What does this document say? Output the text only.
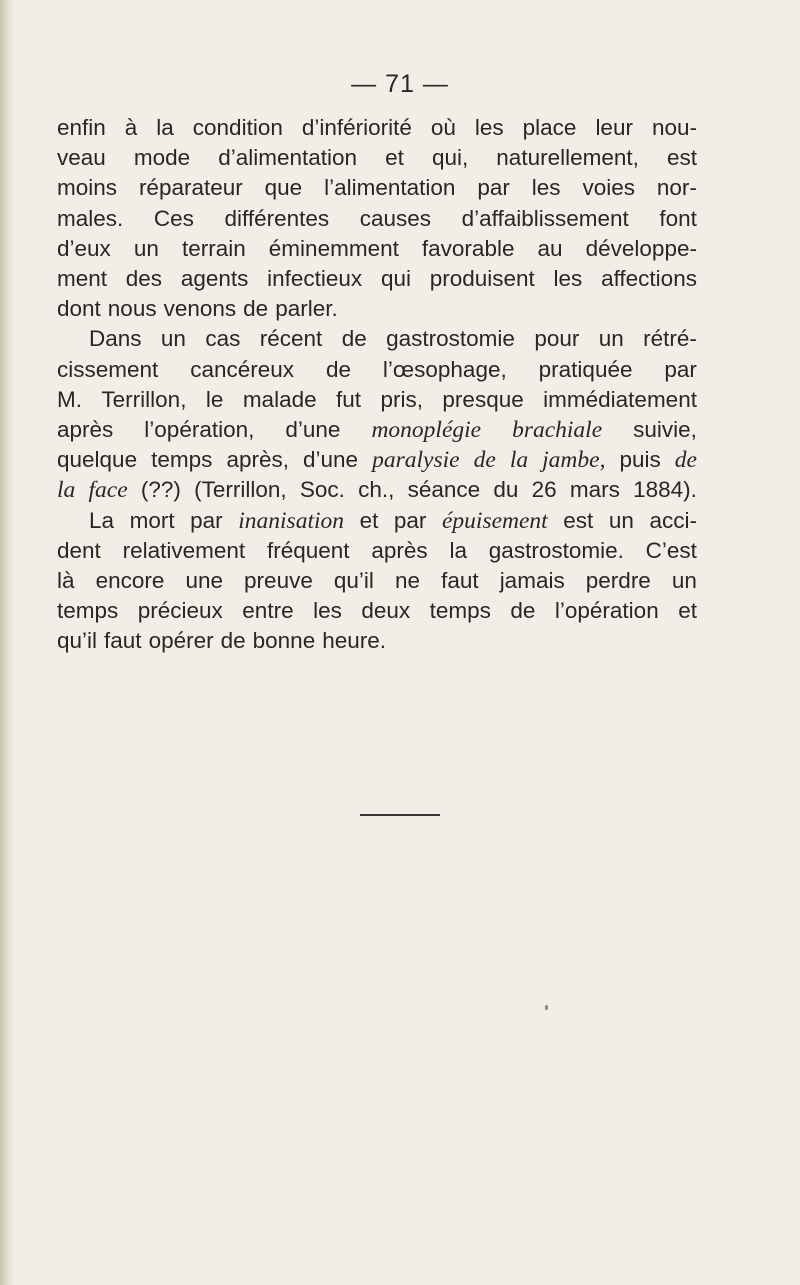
— 71 —
enfin à la condition d’infériorité où les place leur nou-
veau mode d’alimentation et qui, naturellement, est
moins réparateur que l’alimentation par les voies nor-
males. Ces différentes causes d’affaiblissement font
d’eux un terrain éminemment favorable au développe-
ment des agents infectieux qui produisent les affections
dont nous venons de parler.
Dans un cas récent de gastrostomie pour un rétré-
cissement cancéreux de l’œsophage, pratiquée par
M. Terrillon, le malade fut pris, presque immédiatement
après l’opération, d’une monoplégie brachiale suivie,
quelque temps après, d’une paralysie de la jambe, puis de
la face (??) (Terrillon, Soc. ch., séance du 26 mars 1884).
La mort par inanisation et par épuisement est un acci-
dent relativement fréquent après la gastrostomie. C’est
là encore une preuve qu’il ne faut jamais perdre un
temps précieux entre les deux temps de l’opération et
qu’il faut opérer de bonne heure.
